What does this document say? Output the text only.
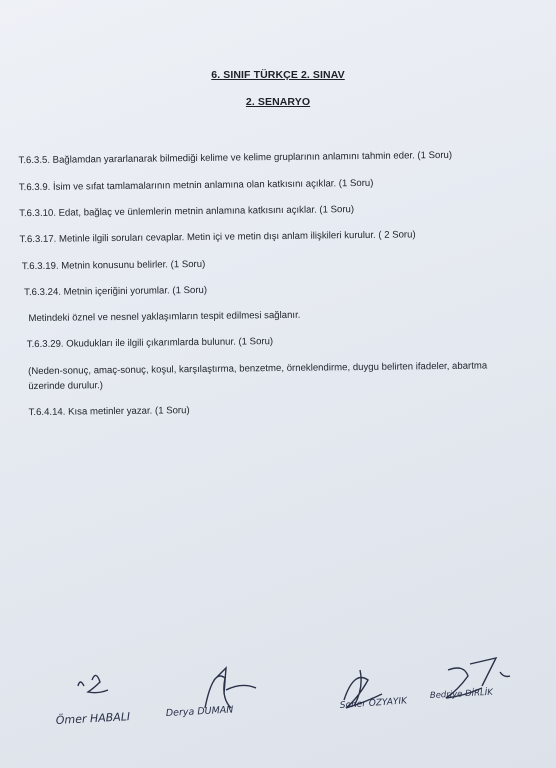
6. SINIF TÜRKÇE 2. SINAV
2. SENARYO
T.6.3.5. Bağlamdan yararlanarak bilmediği kelime ve kelime gruplarının anlamını tahmin eder. (1 Soru)
T.6.3.9. İsim ve sıfat tamlamalarının metnin anlamına olan katkısını açıklar. (1 Soru)
T.6.3.10. Edat, bağlaç ve ünlemlerin metnin anlamına katkısını açıklar. (1 Soru)
T.6.3.17. Metinle ilgili soruları cevaplar. Metin içi ve metin dışı anlam ilişkileri kurulur. ( 2 Soru)
T.6.3.19. Metnin konusunu belirler. (1 Soru)
T.6.3.24. Metnin içeriğini yorumlar. (1 Soru)
Metindeki öznel ve nesnel yaklaşımların tespit edilmesi sağlanır.
T.6.3.29. Okudukları ile ilgili çıkarımlarda bulunur. (1 Soru)
(Neden-sonuç, amaç-sonuç, koşul, karşılaştırma, benzetme, örneklendirme, duygu belirten ifadeler, abartma
üzerinde durulur.)
T.6.4.14. Kısa metinler yazar. (1 Soru)
Ömer HABALI	Derya DUMAN
Soner ÖZYAYIK
Bedriye DİRLİK
